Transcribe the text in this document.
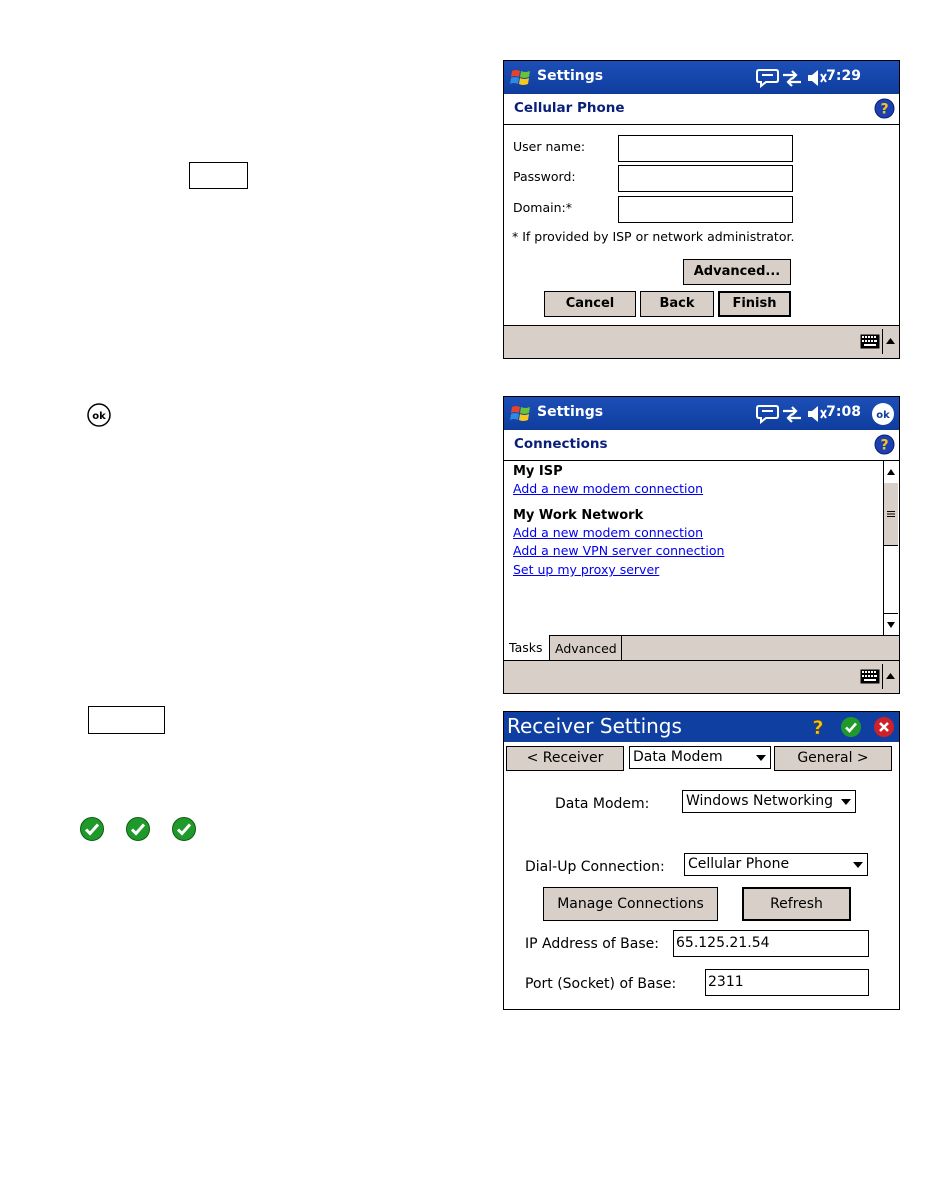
ok
Settings	7:29
Cellular Phone	?
User name:
Password:
Domain:*
* If provided by ISP or network administrator.
Advanced...
Cancel	Back	Finish
Settings	7:08 ok
Connections	?
My ISP
Add a new modem connection
My Work Network
Add a new modem connection
Add a new VPN server connection
Set up my proxy server
Tasks	Advanced
Receiver Settings	?
< Receiver	Data Modem	General >
Data Modem:	Windows Networking
Dial-Up Connection: Cellular Phone
Manage Connections	Refresh
IP Address of Base: 65.125.21.54
Port (Socket) of Base: 2311
